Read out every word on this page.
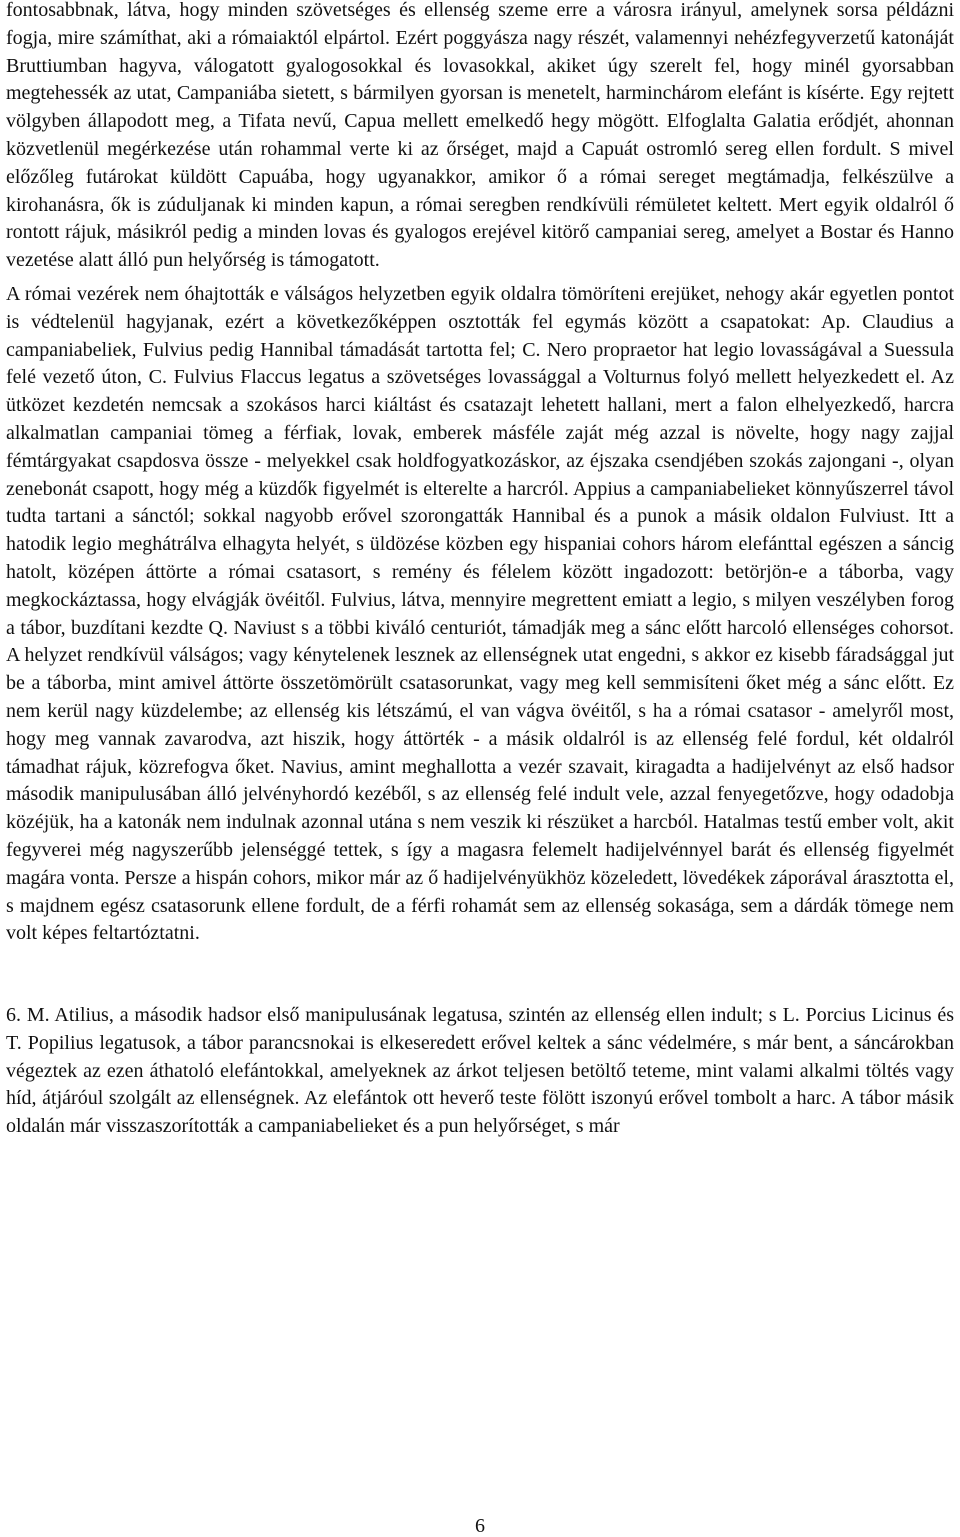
fontosabbnak, látva, hogy minden szövetséges és ellenség szeme erre a városra irányul, amelynek sorsa példázni fogja, mire számíthat, aki a rómaiaktól elpártol. Ezért poggyásza nagy részét, valamennyi nehézfegyverzetű katonáját Bruttiumban hagyva, válogatott gyalogosokkal és lovasokkal, akiket úgy szerelt fel, hogy minél gyorsabban megtehessék az utat, Campaniába sietett, s bármilyen gyorsan is menetelt, harminchárom elefánt is kísérte. Egy rejtett völgyben állapodott meg, a Tifata nevű, Capua mellett emelkedő hegy mögött. Elfoglalta Galatia erődjét, ahonnan közvetlenül megérkezése után rohammal verte ki az őrséget, majd a Capuát ostromló sereg ellen fordult. S mivel előzőleg futárokat küldött Capuába, hogy ugyanakkor, amikor ő a római sereget megtámadja, felkészülve a kirohanásra, ők is zúduljanak ki minden kapun, a római seregben rendkívüli rémületet keltett. Mert egyik oldalról ő rontott rájuk, másikról pedig a minden lovas és gyalogos erejével kitörő campaniai sereg, amelyet a Bostar és Hanno vezetése alatt álló pun helyőrség is támogatott.

A római vezérek nem óhajtották e válságos helyzetben egyik oldalra tömöríteni erejüket, nehogy akár egyetlen pontot is védtelenül hagyjanak, ezért a következőképpen osztották fel egymás között a csapatokat: Ap. Claudius a campaniabeliek, Fulvius pedig Hannibal támadását tartotta fel; C. Nero propraetor hat legio lovasságával a Suessula felé vezető úton, C. Fulvius Flaccus legatus a szövetséges lovassággal a Volturnus folyó mellett helyezkedett el. Az ütközet kezdetén nemcsak a szokásos harci kiáltást és csatazajt lehetett hallani, mert a falon elhelyezkedő, harcra alkalmatlan campaniai tömeg a férfiak, lovak, emberek másféle zaját még azzal is növelte, hogy nagy zajjal fémtárgyakat csapdosva össze - melyekkel csak holdfogyatkozáskor, az éjszaka csendjében szokás zajongani -, olyan zenebonát csapott, hogy még a küzdők figyelmét is elterelte a harcról. Appius a campaniabelieket könnyűszerrel távol tudta tartani a sánctól; sokkal nagyobb erővel szorongatták Hannibal és a punok a másik oldalon Fulviust. Itt a hatodik legio meghátrálva elhagyta helyét, s üldözése közben egy hispaniai cohors három elefánttal egészen a sáncig hatolt, középen áttörte a római csatasort, s remény és félelem között ingadozott: betörjön-e a táborba, vagy megkockáztassa, hogy elvágják övéitől. Fulvius, látva, mennyire megrettent emiatt a legio, s milyen veszélyben forog a tábor, buzdítani kezdte Q. Naviust s a többi kiváló centuriót, támadják meg a sánc előtt harcoló ellenséges cohorsot. A helyzet rendkívül válságos; vagy kénytelenek lesznek az ellenségnek utat engedni, s akkor ez kisebb fáradsággal jut be a táborba, mint amivel áttörte összetömörült csatasorunkat, vagy meg kell semmisíteni őket még a sánc előtt. Ez nem kerül nagy küzdelembe; az ellenség kis létszámú, el van vágva övéitől, s ha a római csatasor - amelyről most, hogy meg vannak zavarodva, azt hiszik, hogy áttörték - a másik oldalról is az ellenség felé fordul, két oldalról támadhat rájuk, közrefogva őket. Navius, amint meghallotta a vezér szavait, kiragadta a hadijelvényt az első hadsor második manipulusában álló jelvényhordó kezéből, s az ellenség felé indult vele, azzal fenyegetőzve, hogy odadobja közéjük, ha a katonák nem indulnak azonnal utána s nem veszik ki részüket a harcból. Hatalmas testű ember volt, akit fegyverei még nagyszerűbb jelenséggé tettek, s így a magasra felemelt hadijelvénnyel barát és ellenség figyelmét magára vonta. Persze a hispán cohors, mikor már az ő hadijelvényükhöz közeledett, lövedékek záporával árasztotta el, s majdnem egész csatasorunk ellene fordult, de a férfi rohamát sem az ellenség sokasága, sem a dárdák tömege nem volt képes feltartóztatni.

6. M. Atilius, a második hadsor első manipulusának legatusa, szintén az ellenség ellen indult; s L. Porcius Licinus és T. Popilius legatusok, a tábor parancsnokai is elkeseredett erővel keltek a sánc védelmére, s már bent, a sáncárokban végeztek az ezen áthatoló elefántokkal, amelyeknek az árkot teljesen betöltő teteme, mint valami alkalmi töltés vagy híd, átjáróul szolgált az ellenségnek. Az elefántok ott heverő teste fölött iszonyú erővel tombolt a harc. A tábor másik oldalán már visszaszorították a campaniabelieket és a pun helyőrséget, s már

6
